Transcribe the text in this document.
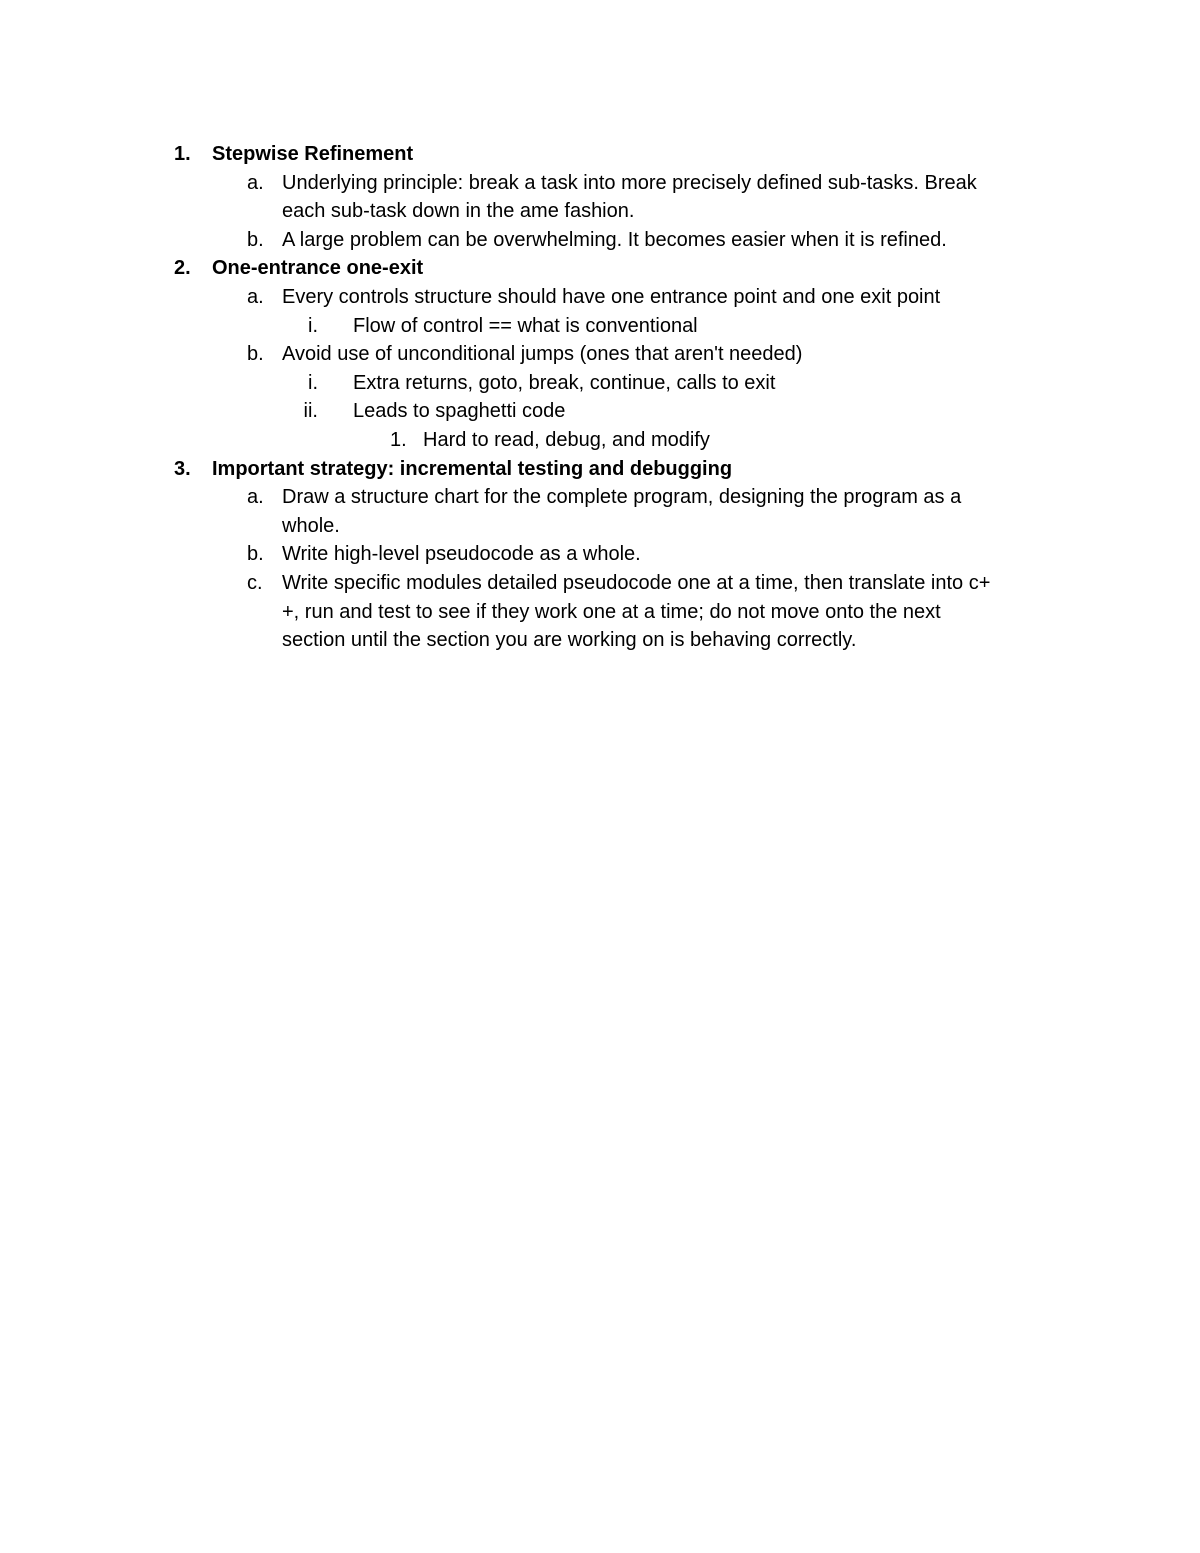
1. Stepwise Refinement
a. Underlying principle: break a task into more precisely defined sub-tasks. Break
each sub-task down in the ame fashion.
b. A large problem can be overwhelming. It becomes easier when it is refined.
2. One-entrance one-exit
a. Every controls structure should have one entrance point and one exit point
i. Flow of control == what is conventional
b. Avoid use of unconditional jumps (ones that aren't needed)
i. Extra returns, goto, break, continue, calls to exit
ii. Leads to spaghetti code
1. Hard to read, debug, and modify
3. Important strategy: incremental testing and debugging
a. Draw a structure chart for the complete program, designing the program as a
whole.
b. Write high-level pseudocode as a whole.
c. Write specific modules detailed pseudocode one at a time, then translate into c+
+, run and test to see if they work one at a time; do not move onto the next
section until the section you are working on is behaving correctly.
